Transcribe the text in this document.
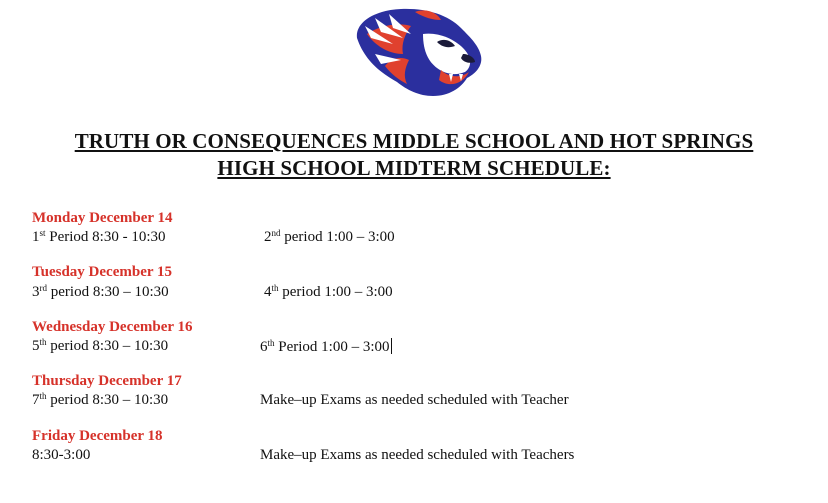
TRUTH OR CONSEQUENCES MIDDLE SCHOOL AND HOT SPRINGS
HIGH SCHOOL MIDTERM SCHEDULE:
Monday December 14
1st Period 8:30 - 10:30	2nd period 1:00 – 3:00
Tuesday December 15
3rd period 8:30 – 10:30	4th period 1:00 – 3:00
Wednesday December 16
5th period 8:30 – 10:30	6th Period 1:00 – 3:00
Thursday December 17
7th period 8:30 – 10:30	Make–up Exams as needed scheduled with Teacher
Friday December 18
8:30-3:00	Make–up Exams as needed scheduled with Teachers
